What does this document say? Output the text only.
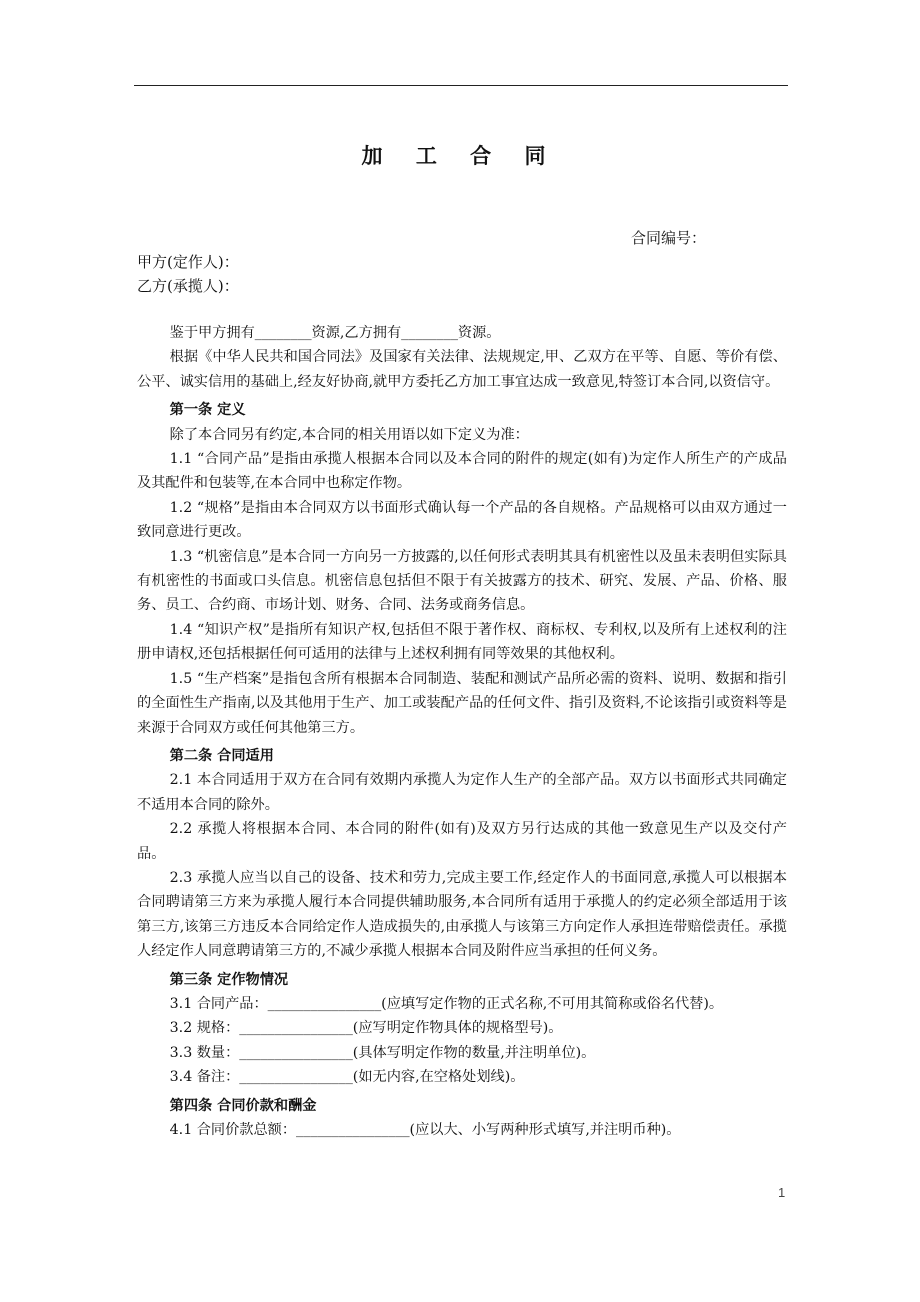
加 工 合 同
合同编号：
甲方(定作人)：
乙方(承揽人)：

鉴于甲方拥有________资源,乙方拥有________资源。

根据《中华人民共和国合同法》及国家有关法律、法规规定,甲、乙双方在平等、自愿、等价有偿、公平、诚实信用的基础上,经友好协商,就甲方委托乙方加工事宜达成一致意见,特签订本合同,以资信守。

第一条 定义

除了本合同另有约定,本合同的相关用语以如下定义为准：

1.1 “合同产品”是指由承揽人根据本合同以及本合同的附件的规定(如有)为定作人所生产的产成品及其配件和包装等,在本合同中也称定作物。

1.2 “规格”是指由本合同双方以书面形式确认每一个产品的各自规格。产品规格可以由双方通过一致同意进行更改。

1.3 “机密信息”是本合同一方向另一方披露的,以任何形式表明其具有机密性以及虽未表明但实际具有机密性的书面或口头信息。机密信息包括但不限于有关披露方的技术、研究、发展、产品、价格、服务、员工、合约商、市场计划、财务、合同、法务或商务信息。

1.4 “知识产权”是指所有知识产权,包括但不限于著作权、商标权、专利权,以及所有上述权利的注册申请权,还包括根据任何可适用的法律与上述权利拥有同等效果的其他权利。

1.5 “生产档案”是指包含所有根据本合同制造、装配和测试产品所必需的资料、说明、数据和指引的全面性生产指南,以及其他用于生产、加工或装配产品的任何文件、指引及资料,不论该指引或资料等是来源于合同双方或任何其他第三方。

第二条 合同适用

2.1 本合同适用于双方在合同有效期内承揽人为定作人生产的全部产品。双方以书面形式共同确定不适用本合同的除外。

2.2 承揽人将根据本合同、本合同的附件(如有)及双方另行达成的其他一致意见生产以及交付产品。

2.3 承揽人应当以自己的设备、技术和劳力,完成主要工作,经定作人的书面同意,承揽人可以根据本合同聘请第三方来为承揽人履行本合同提供辅助服务,本合同所有适用于承揽人的约定必须全部适用于该第三方,该第三方违反本合同给定作人造成损失的,由承揽人与该第三方向定作人承担连带赔偿责任。承揽人经定作人同意聘请第三方的,不减少承揽人根据本合同及附件应当承担的任何义务。

第三条 定作物情况

3.1 合同产品：________________(应填写定作物的正式名称,不可用其简称或俗名代替)。

3.2 规格：________________(应写明定作物具体的规格型号)。

3.3 数量：________________(具体写明定作物的数量,并注明单位)。

3.4 备注：________________(如无内容,在空格处划线)。

第四条 合同价款和酬金

4.1 合同价款总额：________________(应以大、小写两种形式填写,并注明币种)。

1
